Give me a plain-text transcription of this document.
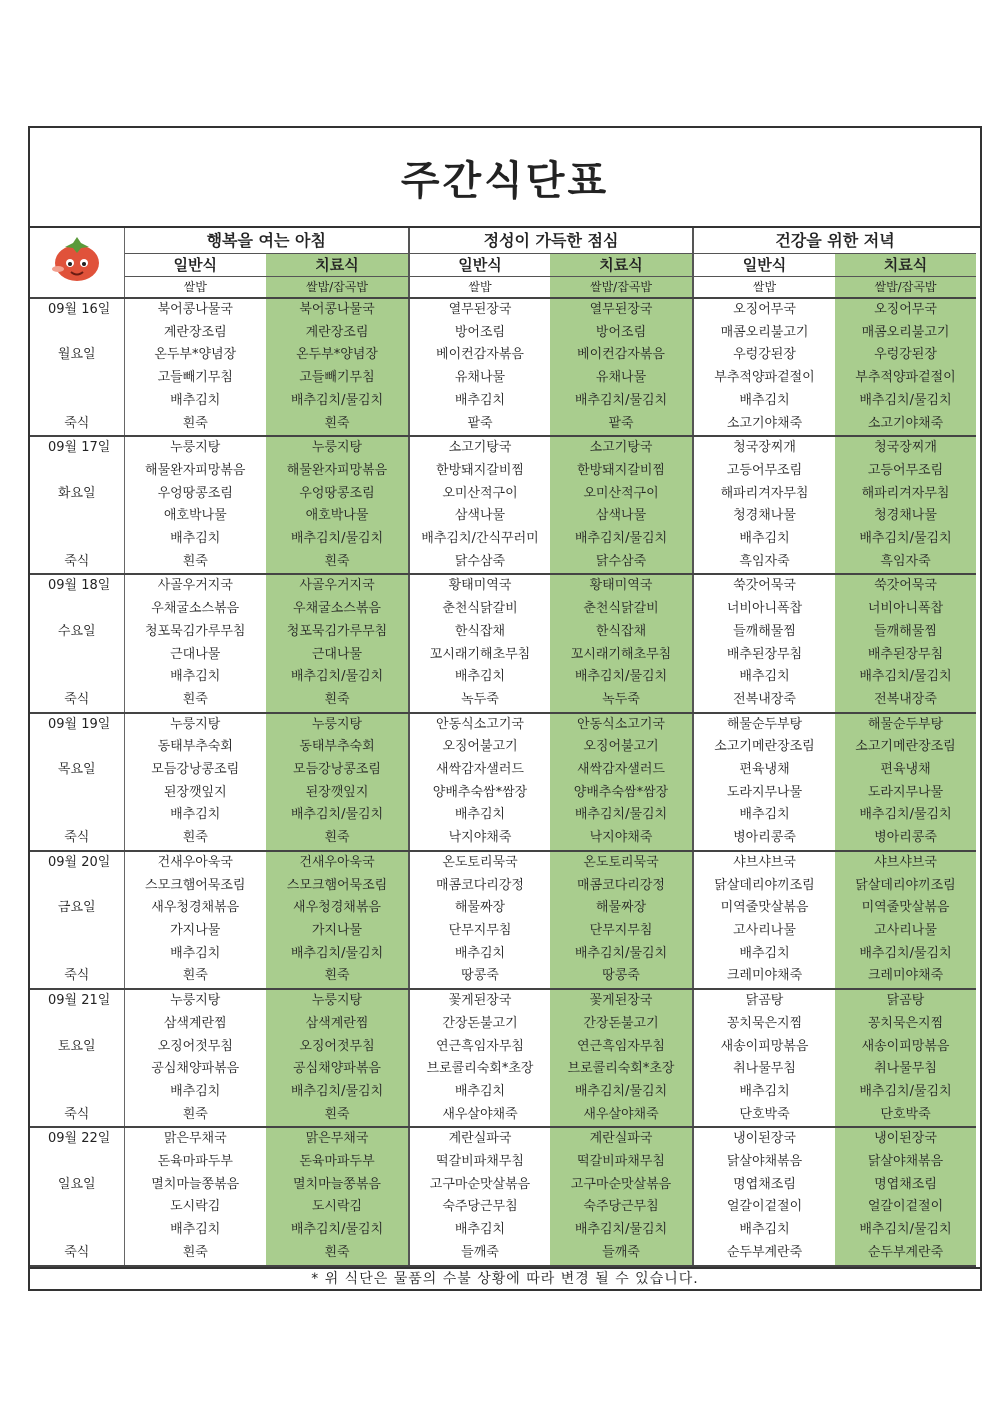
주간식단표
	행복을 여는 아침		정성이 가득한 점심		건강을 위한 저녁	
	일반식	치료식	일반식	치료식	일반식	치료식
	쌀밥	쌀밥/잡곡밥	쌀밥	쌀밥/잡곡밥	쌀밥	쌀밥/잡곡밥
09월 16일	북어콩나물국	북어콩나물국	열무된장국	열무된장국	오징어무국	오징어무국
	계란장조림	계란장조림	방어조림	방어조림	매콤오리불고기	매콤오리불고기
월요일	온두부*양념장	온두부*양념장	베이컨감자볶음	베이컨감자볶음	우렁강된장	우렁강된장
	고들빼기무침	고들빼기무침	유채나물	유채나물	부추적양파겉절이	부추적양파겉절이
	배추김치	배추김치/물김치	배추김치	배추김치/물김치	배추김치	배추김치/물김치
죽식	흰죽	흰죽	팥죽	팥죽	소고기야채죽	소고기야채죽
09월 17일	누룽지탕	누룽지탕	소고기탕국	소고기탕국	청국장찌개	청국장찌개
	해물완자피망볶음	해물완자피망볶음	한방돼지갈비찜	한방돼지갈비찜	고등어무조림	고등어무조림
화요일	우엉땅콩조림	우엉땅콩조림	오미산적구이	오미산적구이	해파리겨자무침	해파리겨자무침
	애호박나물	애호박나물	삼색나물	삼색나물	청경채나물	청경채나물
	배추김치	배추김치/물김치	배추김치/간식꾸러미	배추김치/물김치	배추김치	배추김치/물김치
죽식	흰죽	흰죽	닭수삼죽	닭수삼죽	흑임자죽	흑임자죽
09월 18일	사골우거지국	사골우거지국	황태미역국	황태미역국	쑥갓어묵국	쑥갓어묵국
	우채굴소스볶음	우채굴소스볶음	춘천식닭갈비	춘천식닭갈비	너비아니폭찹	너비아니폭찹
수요일	청포묵김가루무침	청포묵김가루무침	한식잡채	한식잡채	들깨해물찜	들깨해물찜
	근대나물	근대나물	꼬시래기해초무침	꼬시래기해초무침	배추된장무침	배추된장무침
	배추김치	배추김치/물김치	배추김치	배추김치/물김치	배추김치	배추김치/물김치
죽식	흰죽	흰죽	녹두죽	녹두죽	전복내장죽	전복내장죽
09월 19일	누룽지탕	누룽지탕	안동식소고기국	안동식소고기국	해물순두부탕	해물순두부탕
	동태부추숙회	동태부추숙회	오징어불고기	오징어불고기	소고기메란장조림	소고기메란장조림
목요일	모듬강낭콩조림	모듬강낭콩조림	새싹감자샐러드	새싹감자샐러드	편육냉채	편육냉채
	된장깻잎지	된장깻잎지	양배추숙쌈*쌈장	양배추숙쌈*쌈장	도라지무나물	도라지무나물
	배추김치	배추김치/물김치	배추김치	배추김치/물김치	배추김치	배추김치/물김치
죽식	흰죽	흰죽	낙지야채죽	낙지야채죽	병아리콩죽	병아리콩죽
09월 20일	건새우아욱국	건새우아욱국	온도토리묵국	온도토리묵국	샤브샤브국	샤브샤브국
	스모크햄어묵조림	스모크햄어묵조림	매콤코다리강정	매콤코다리강정	닭살데리야끼조림	닭살데리야끼조림
금요일	새우청경채볶음	새우청경채볶음	해물짜장	해물짜장	미역줄맛살볶음	미역줄맛살볶음
	가지나물	가지나물	단무지무침	단무지무침	고사리나물	고사리나물
	배추김치	배추김치/물김치	배추김치	배추김치/물김치	배추김치	배추김치/물김치
죽식	흰죽	흰죽	땅콩죽	땅콩죽	크레미야채죽	크레미야채죽
09월 21일	누룽지탕	누룽지탕	꽃게된장국	꽃게된장국	닭곰탕	닭곰탕
	삼색계란찜	삼색계란찜	간장돈불고기	간장돈불고기	꽁치묵은지찜	꽁치묵은지찜
토요일	오징어젓무침	오징어젓무침	연근흑임자무침	연근흑임자무침	새송이피망볶음	새송이피망볶음
	공심채양파볶음	공심채양파볶음	브로콜리숙회*초장	브로콜리숙회*초장	취나물무침	취나물무침
	배추김치	배추김치/물김치	배추김치	배추김치/물김치	배추김치	배추김치/물김치
죽식	흰죽	흰죽	새우살야채죽	새우살야채죽	단호박죽	단호박죽
09월 22일	맑은무채국	맑은무채국	계란실파국	계란실파국	냉이된장국	냉이된장국
	돈육마파두부	돈육마파두부	떡갈비파채무침	떡갈비파채무침	닭살야채볶음	닭살야채볶음
일요일	멸치마늘쫑볶음	멸치마늘쫑볶음	고구마순맛살볶음	고구마순맛살볶음	명엽채조림	명엽채조림
	도시락김	도시락김	숙주당근무침	숙주당근무침	얼갈이겉절이	얼갈이겉절이
	배추김치	배추김치/물김치	배추김치	배추김치/물김치	배추김치	배추김치/물김치
죽식	흰죽	흰죽	들깨죽	들깨죽	순두부계란죽	순두부계란죽
* 위 식단은 물품의 수불 상황에 따라 변경 될 수 있습니다.
